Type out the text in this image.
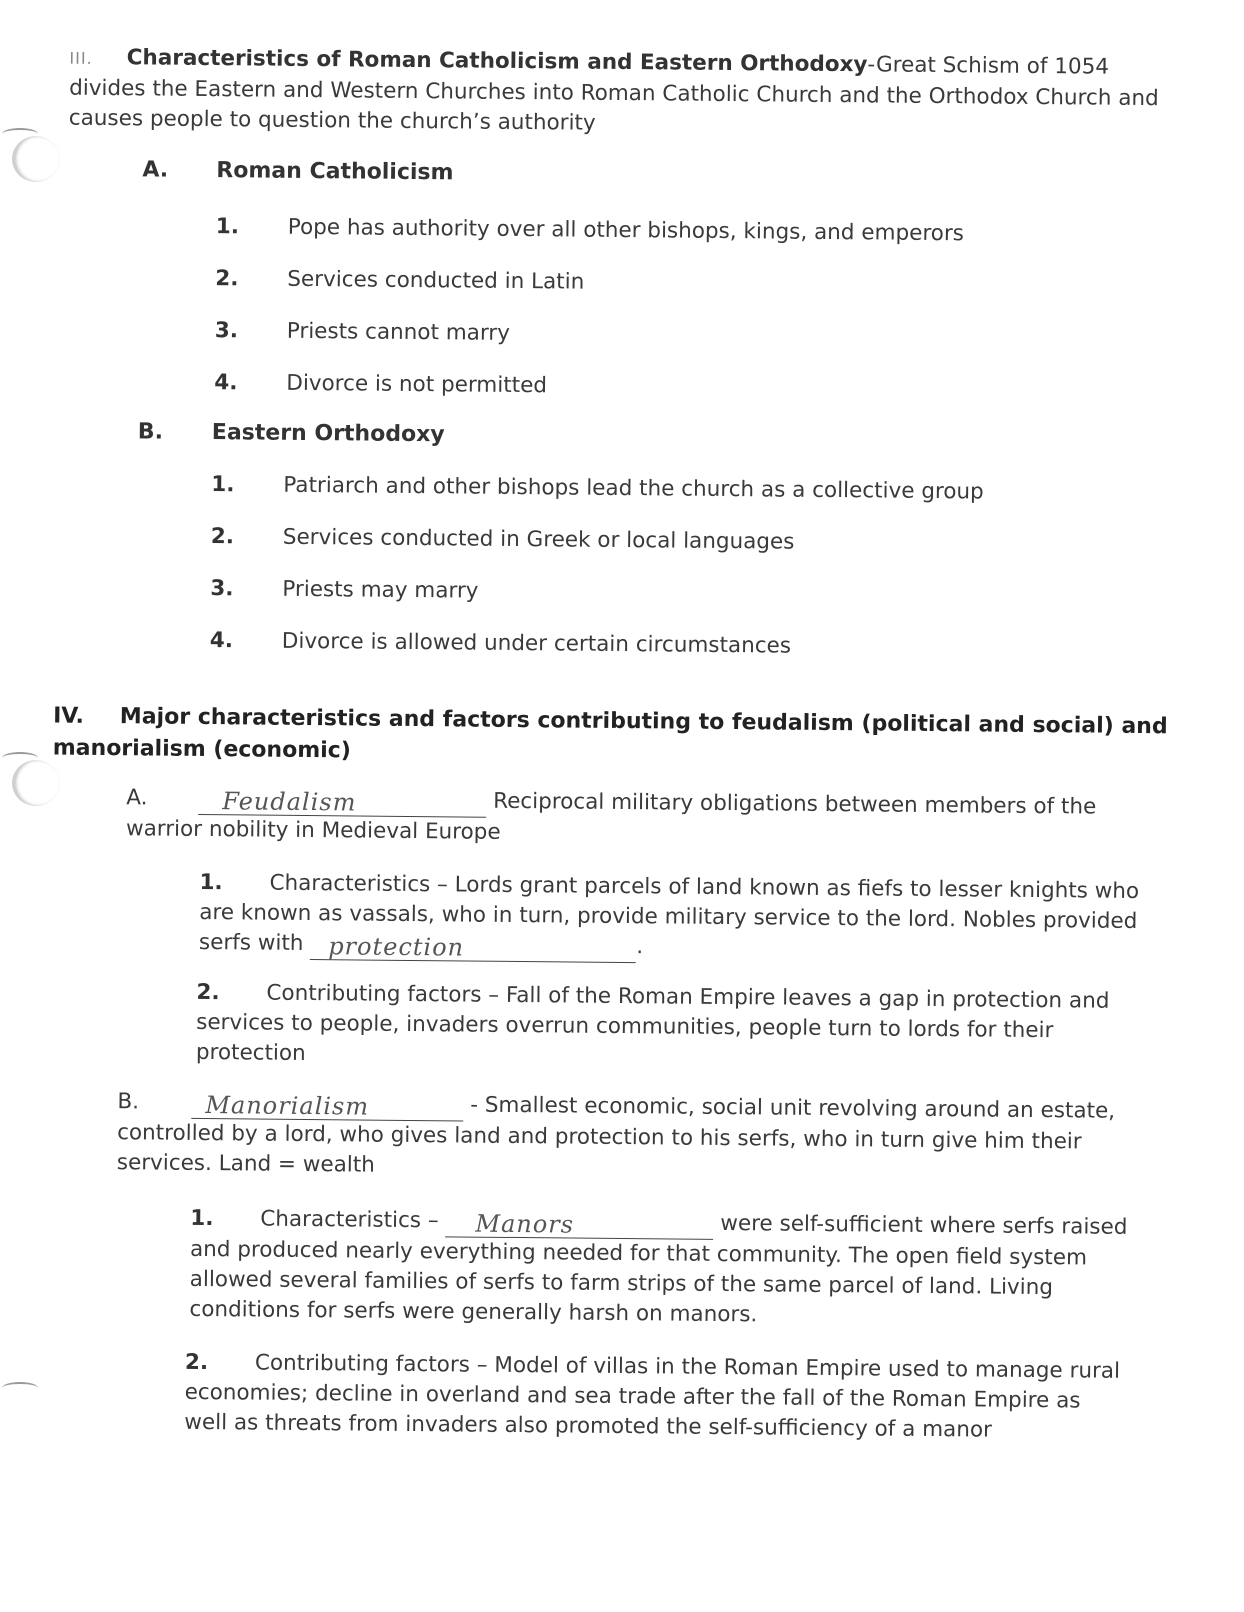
III. Characteristics of Roman Catholicism and Eastern Orthodoxy-Great Schism of 1054 divides the Eastern and Western Churches into Roman Catholic Church and the Orthodox Church and causes people to question the church’s authority
A. Roman Catholicism
1. Pope has authority over all other bishops, kings, and emperors
2. Services conducted in Latin
3. Priests cannot marry
4. Divorce is not permitted
B. Eastern Orthodoxy
1. Patriarch and other bishops lead the church as a collective group
2. Services conducted in Greek or local languages
3. Priests may marry
4. Divorce is allowed under certain circumstances
IV. Major characteristics and factors contributing to feudalism (political and social) and manorialism (economic)
A.	Feudalism	Reciprocal military obligations between members of the warrior nobility in Medieval Europe
1. Characteristics – Lords grant parcels of land known as fiefs to lesser knights who are known as vassals, who in turn, provide military service to the lord. Nobles provided serfs with protection	.
2. Contributing factors – Fall of the Roman Empire leaves a gap in protection and services to people, invaders overrun communities, people turn to lords for their protection
B.	Manorialism	- Smallest economic, social unit revolving around an estate, controlled by a lord, who gives land and protection to his serfs, who in turn give him their services. Land = wealth
1. Characteristics – Manors	were self-sufficient where serfs raised and produced nearly everything needed for that community. The open field system allowed several families of serfs to farm strips of the same parcel of land. Living conditions for serfs were generally harsh on manors.
2. Contributing factors – Model of villas in the Roman Empire used to manage rural economies; decline in overland and sea trade after the fall of the Roman Empire as well as threats from invaders also promoted the self-sufficiency of a manor
